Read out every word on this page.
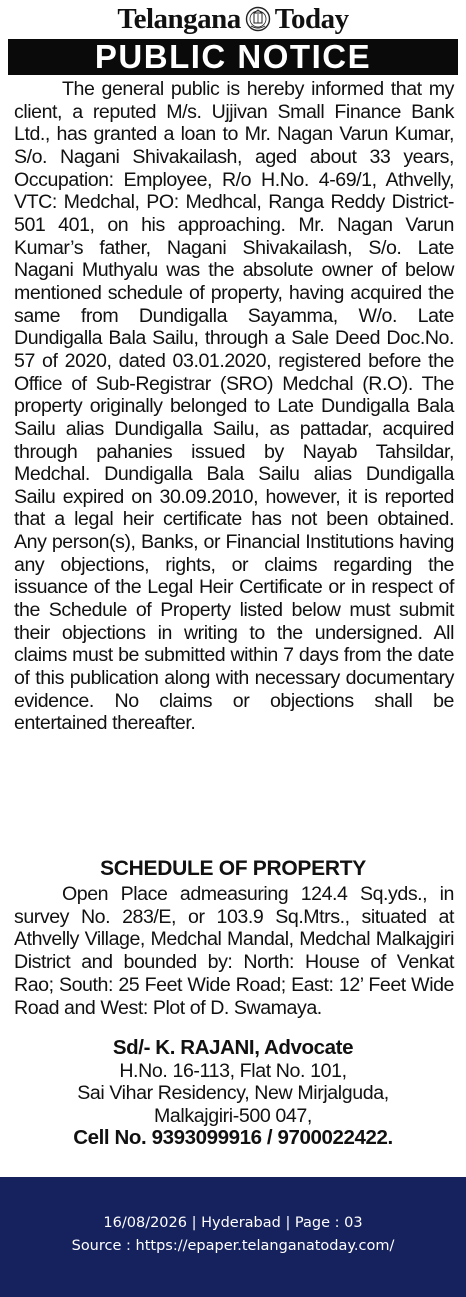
Telangana Today
PUBLIC NOTICE

The general public is hereby informed that my client, a reputed M/s. Ujjivan Small Finance Bank Ltd., has granted a loan to Mr. Nagan Varun Kumar, S/o. Nagani Shivakailash, aged about 33 years, Occupation: Employee, R/o H.No. 4-69/1, Athvelly, VTC: Medchal, PO: Medhcal, Ranga Reddy District-501 401, on his approaching. Mr. Nagan Varun Kumar’s father, Nagani Shivakailash, S/o. Late Nagani Muthyalu was the absolute owner of below mentioned schedule of property, having acquired the same from Dundigalla Sayamma, W/o. Late Dundigalla Bala Sailu, through a Sale Deed Doc.No. 57 of 2020, dated 03.01.2020, registered before the Office of Sub-Registrar (SRO) Medchal (R.O). The property originally belonged to Late Dundigalla Bala Sailu alias Dundigalla Sailu, as pattadar, acquired through pahanies issued by Nayab Tahsildar, Medchal. Dundigalla Bala Sailu alias Dundigalla Sailu expired on 30.09.2010, however, it is reported that a legal heir certificate has not been obtained. Any person(s), Banks, or Financial Institutions having any objections, rights, or claims regarding the issuance of the Legal Heir Certificate or in respect of the Schedule of Property listed below must submit their objections in writing to the undersigned. All claims must be submitted within 7 days from the date of this publication along with necessary documentary evidence. No claims or objections shall be entertained thereafter.

SCHEDULE OF PROPERTY

Open Place admeasuring 124.4 Sq.yds., in survey No. 283/E, or 103.9 Sq.Mtrs., situated at Athvelly Village, Medchal Mandal, Medchal Malkajgiri District and bounded by: North: House of Venkat Rao; South: 25 Feet Wide Road; East: 12’ Feet Wide Road and West: Plot of D. Swamaya.

Sd/- K. RAJANI, Advocate
H.No. 16-113, Flat No. 101,
Sai Vihar Residency, New Mirjalguda,
Malkajgiri-500 047,
Cell No. 9393099916 / 9700022422.
16/08/2026 | Hyderabad | Page : 03
Source : https://epaper.telanganatoday.com/
